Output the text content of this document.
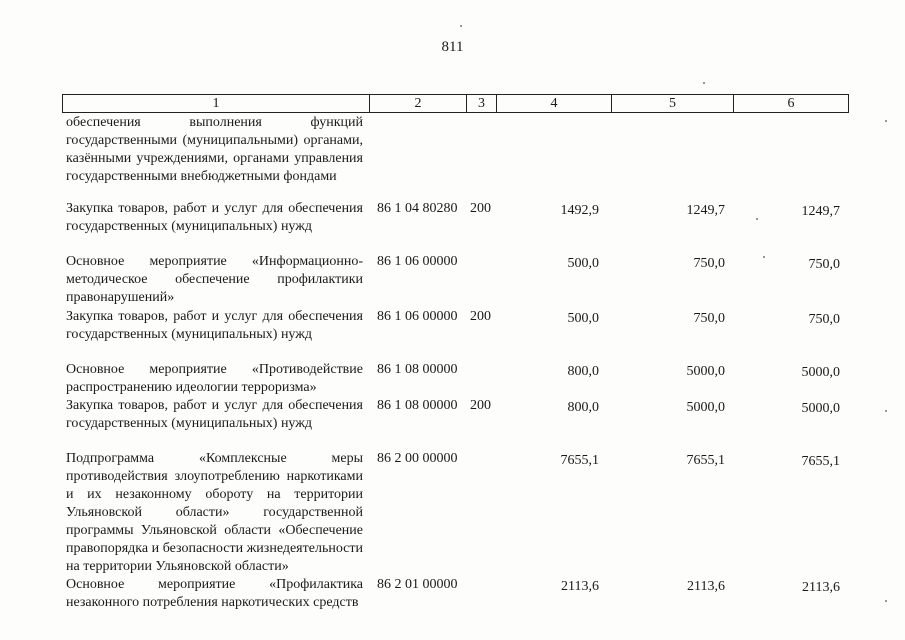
811
1	2	3	4	5	6
обеспечения выполнения функций государственными (муниципальными) органами, казёнными учреждениями, органами управления государственными внебюджетными фондами					
Закупка товаров, работ и услуг для обеспечения государственных (муниципальных) нужд	86 1 04 80280	200	1492,9	1249,7	1249,7
Основное мероприятие «Информационно-методическое обеспечение профилактики правонарушений»	86 1 06 00000		500,0	750,0	750,0
Закупка товаров, работ и услуг для обеспечения государственных (муниципальных) нужд	86 1 06 00000	200	500,0	750,0	750,0
Основное мероприятие «Противодействие распространению идеологии терроризма»	86 1 08 00000		800,0	5000,0	5000,0
Закупка товаров, работ и услуг для обеспечения государственных (муниципальных) нужд	86 1 08 00000	200	800,0	5000,0	5000,0
Подпрограмма «Комплексные меры противодействия злоупотреблению наркотиками и их незаконному обороту на территории Ульяновской области» государственной программы Ульяновской области «Обеспечение правопорядка и безопасности жизнедеятельности на территории Ульяновской области»	86 2 00 00000		7655,1	7655,1	7655,1
Основное мероприятие «Профилактика незаконного потребления наркотических средств	86 2 01 00000		2113,6	2113,6	2113,6
